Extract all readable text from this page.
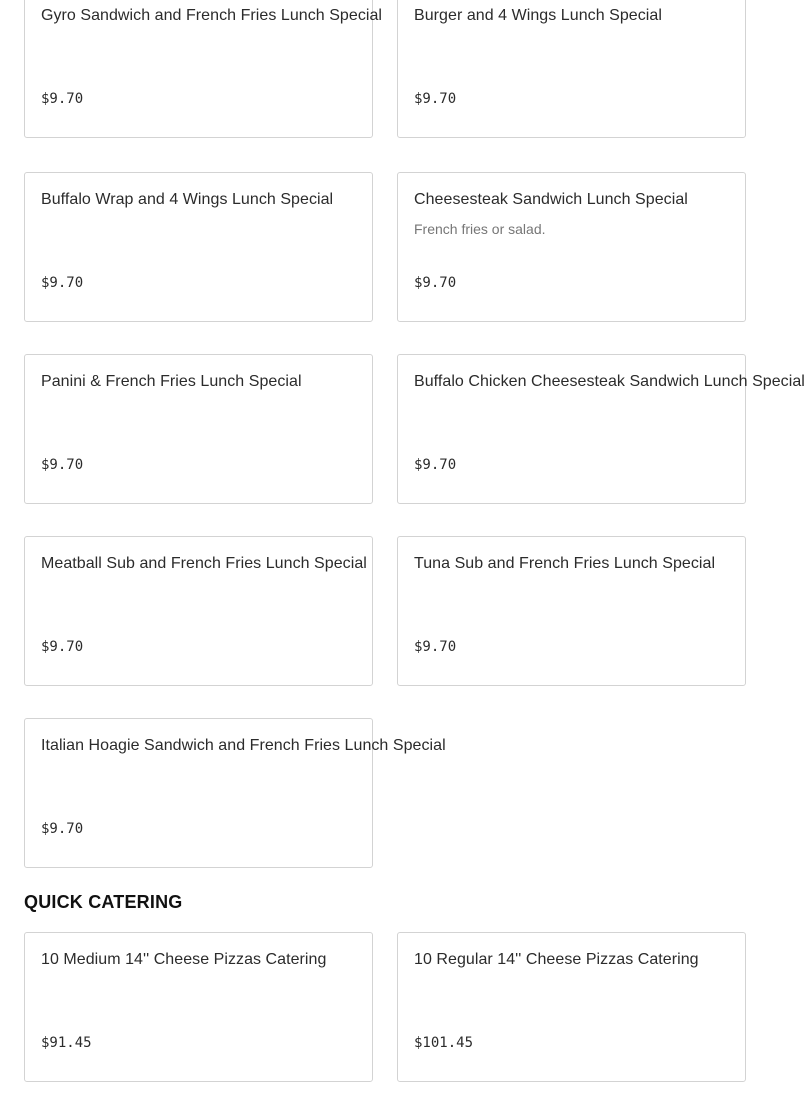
Gyro Sandwich and French Fries Lunch Special
$9.70
Burger and 4 Wings Lunch Special
$9.70
Buffalo Wrap and 4 Wings Lunch Special
$9.70
Cheesesteak Sandwich Lunch Special
French fries or salad.
$9.70
Panini & French Fries Lunch Special
$9.70
Buffalo Chicken Cheesesteak Sandwich Lunch Special
$9.70
Meatball Sub and French Fries Lunch Special
$9.70
Tuna Sub and French Fries Lunch Special
$9.70
Italian Hoagie Sandwich and French Fries Lunch Special
$9.70
QUICK CATERING
10 Medium 14'' Cheese Pizzas Catering
$91.45
10 Regular 14'' Cheese Pizzas Catering
$101.45
